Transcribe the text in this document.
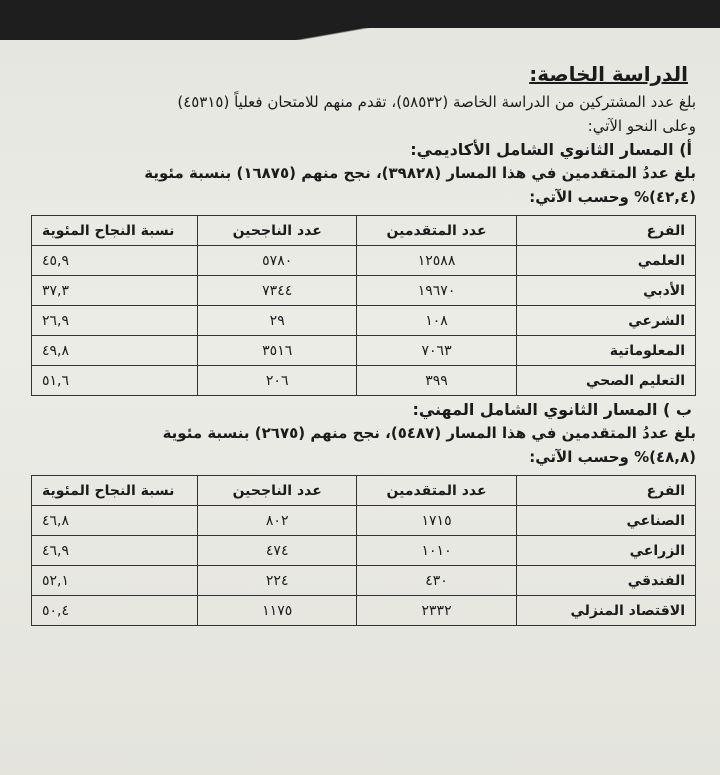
الدراسة الخاصة:
بلغ عدد المشتركين من الدراسة الخاصة (٥٨٥٣٢)، تقدم منهم للامتحان فعلياً (٤٥٣١٥)
وعلى النحو الآتي:
أ) المسار الثانوي الشامل الأكاديمي:
بلغ عددُ المتقدمين في هذا المسار (٣٩٨٢٨)، نجح منهم (١٦٨٧٥) بنسبة مئوية
(٤٢,٤)% وحسب الآتي:
الفرع	عدد المتقدمين	عدد الناجحين	نسبة النجاح المئوية
العلمي	١٢٥٨٨	٥٧٨٠	٤٥,٩
الأدبي	١٩٦٧٠	٧٣٤٤	٣٧,٣
الشرعي	١٠٨	٢٩	٢٦,٩
المعلوماتية	٧٠٦٣	٣٥١٦	٤٩,٨
التعليم الصحي	٣٩٩	٢٠٦	٥١,٦
ب ) المسار الثانوي الشامل المهني:
بلغ عددُ المتقدمين في هذا المسار (٥٤٨٧)، نجح منهم (٢٦٧٥) بنسبة مئوية
(٤٨,٨)% وحسب الآتي:
الفرع	عدد المتقدمين	عدد الناجحين	نسبة النجاح المئوية
الصناعي	١٧١٥	٨٠٢	٤٦,٨
الزراعي	١٠١٠	٤٧٤	٤٦,٩
الفندقي	٤٣٠	٢٢٤	٥٢,١
الاقتصاد المنزلي	٢٣٣٢	١١٧٥	٥٠,٤
